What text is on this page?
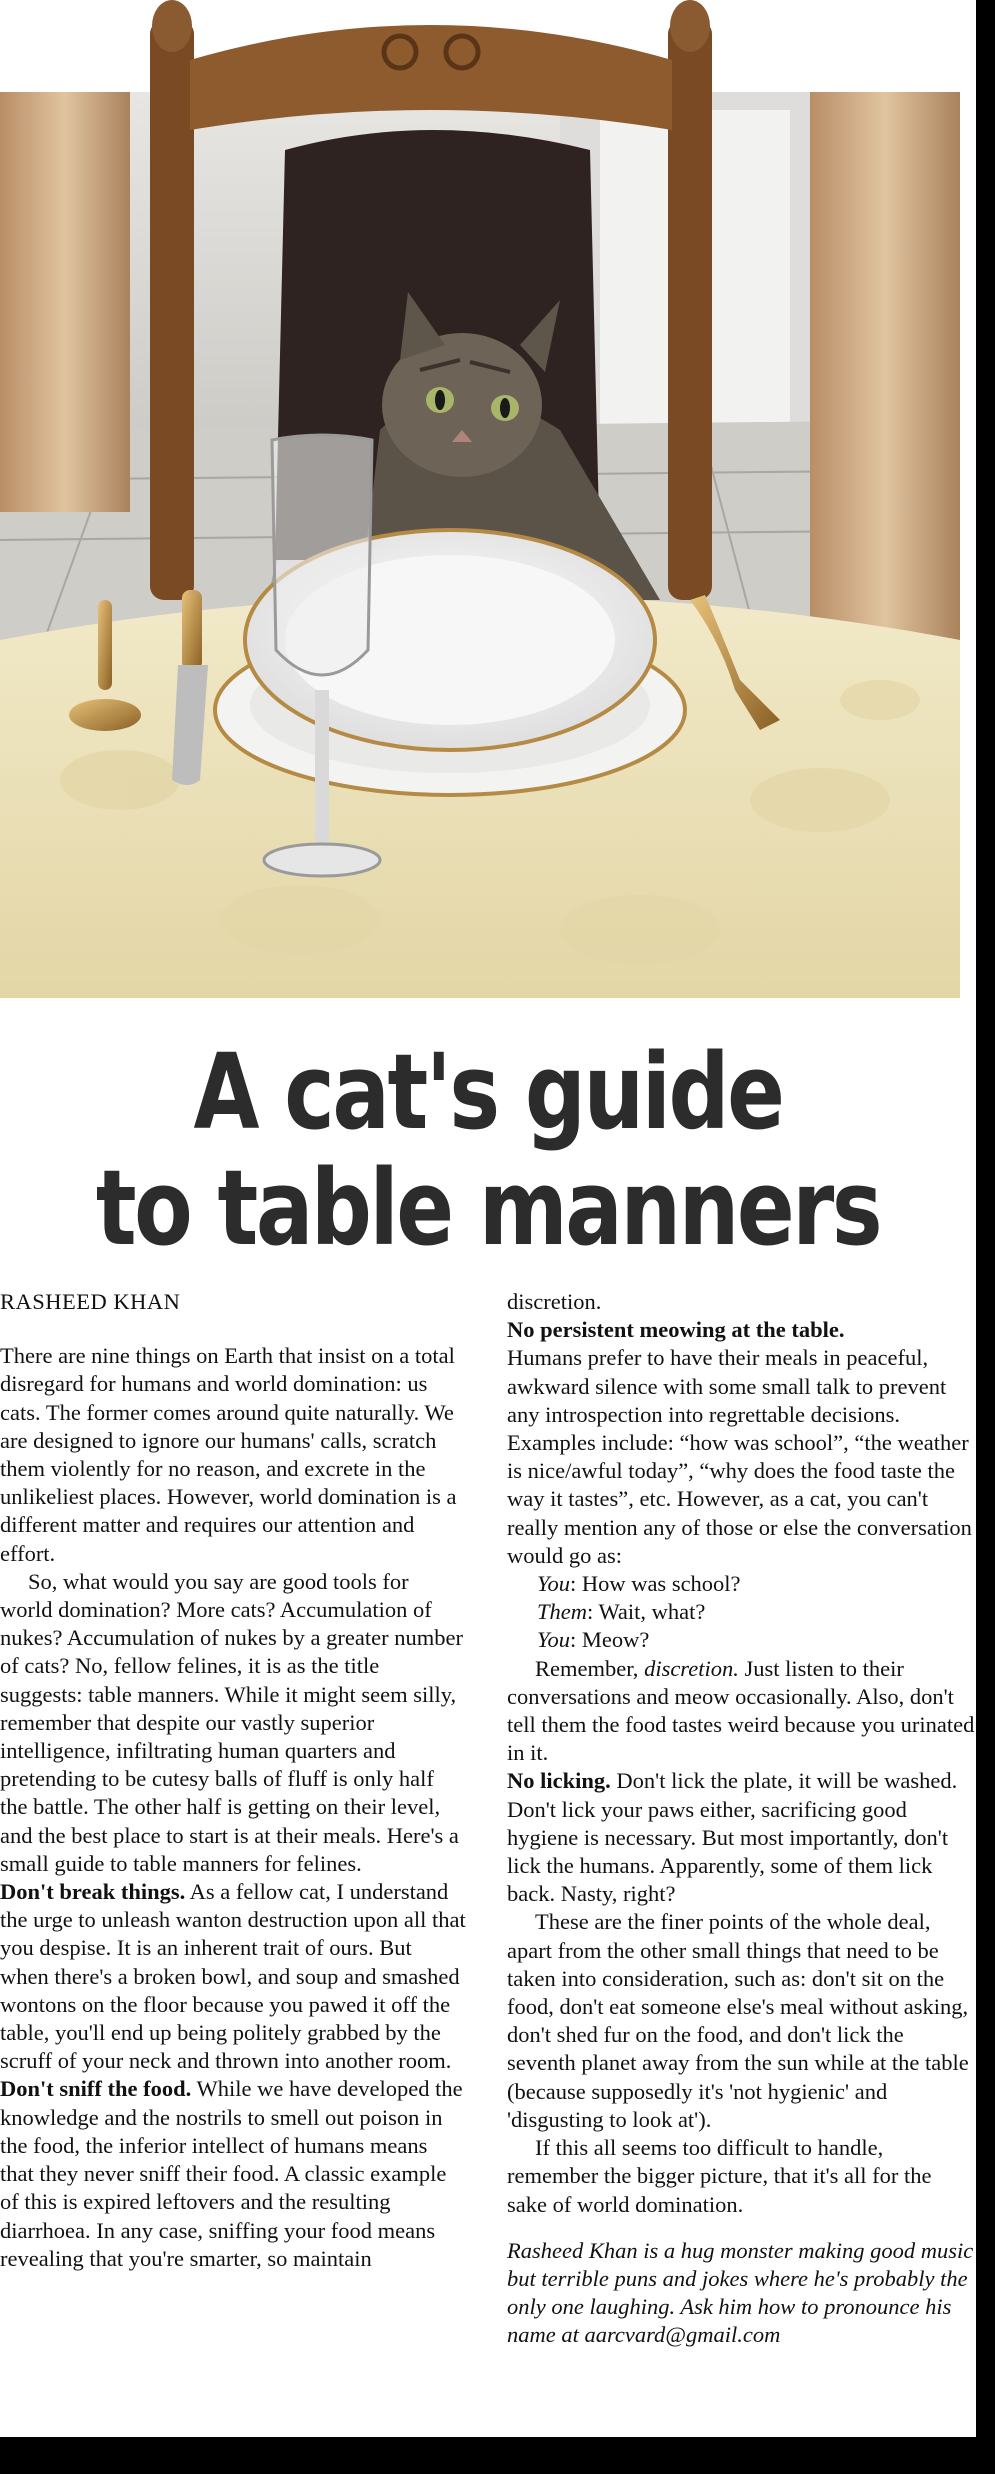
A cat's guide
to table manners

RASHEED KHAN

There are nine things on Earth that insist on a total disregard for humans and world domination: us cats. The former comes around quite naturally. We are designed to ignore our humans' calls, scratch them violently for no reason, and excrete in the unlikeliest places. However, world domination is a different matter and requires our attention and effort.

So, what would you say are good tools for world domination? More cats? Accumulation of nukes? Accumulation of nukes by a greater number of cats? No, fellow felines, it is as the title suggests: table manners. While it might seem silly, remember that despite our vastly superior intelligence, infiltrating human quarters and pretending to be cutesy balls of fluff is only half the battle. The other half is getting on their level, and the best place to start is at their meals. Here's a small guide to table manners for felines.

Don't break things. As a fellow cat, I understand the urge to unleash wanton destruction upon all that you despise. It is an inherent trait of ours. But when there's a broken bowl, and soup and smashed wontons on the floor because you pawed it off the table, you'll end up being politely grabbed by the scruff of your neck and thrown into another room.

Don't sniff the food. While we have developed the knowledge and the nostrils to smell out poison in the food, the inferior intellect of humans means that they never sniff their food. A classic example of this is expired leftovers and the resulting diarrhoea. In any case, sniffing your food means revealing that you're smarter, so maintain

discretion.

No persistent meowing at the table.

Humans prefer to have their meals in peaceful, awkward silence with some small talk to prevent any introspection into regrettable decisions. Examples include: “how was school”, “the weather is nice/awful today”, “why does the food taste the way it tastes”, etc. However, as a cat, you can't really mention any of those or else the conversation would go as:

You: How was school?

Them: Wait, what?

You: Meow?

Remember, discretion. Just listen to their conversations and meow occasionally. Also, don't tell them the food tastes weird because you urinated in it.

No licking. Don't lick the plate, it will be washed. Don't lick your paws either, sacrificing good hygiene is necessary. But most importantly, don't lick the humans. Apparently, some of them lick back. Nasty, right?

These are the finer points of the whole deal, apart from the other small things that need to be taken into consideration, such as: don't sit on the food, don't eat someone else's meal without asking, don't shed fur on the food, and don't lick the seventh planet away from the sun while at the table (because supposedly it's 'not hygienic' and 'disgusting to look at').

If this all seems too difficult to handle, remember the bigger picture, that it's all for the sake of world domination.

Rasheed Khan is a hug monster making good music but terrible puns and jokes where he's probably the only one laughing. Ask him how to pronounce his name at aarcvard@gmail.com
